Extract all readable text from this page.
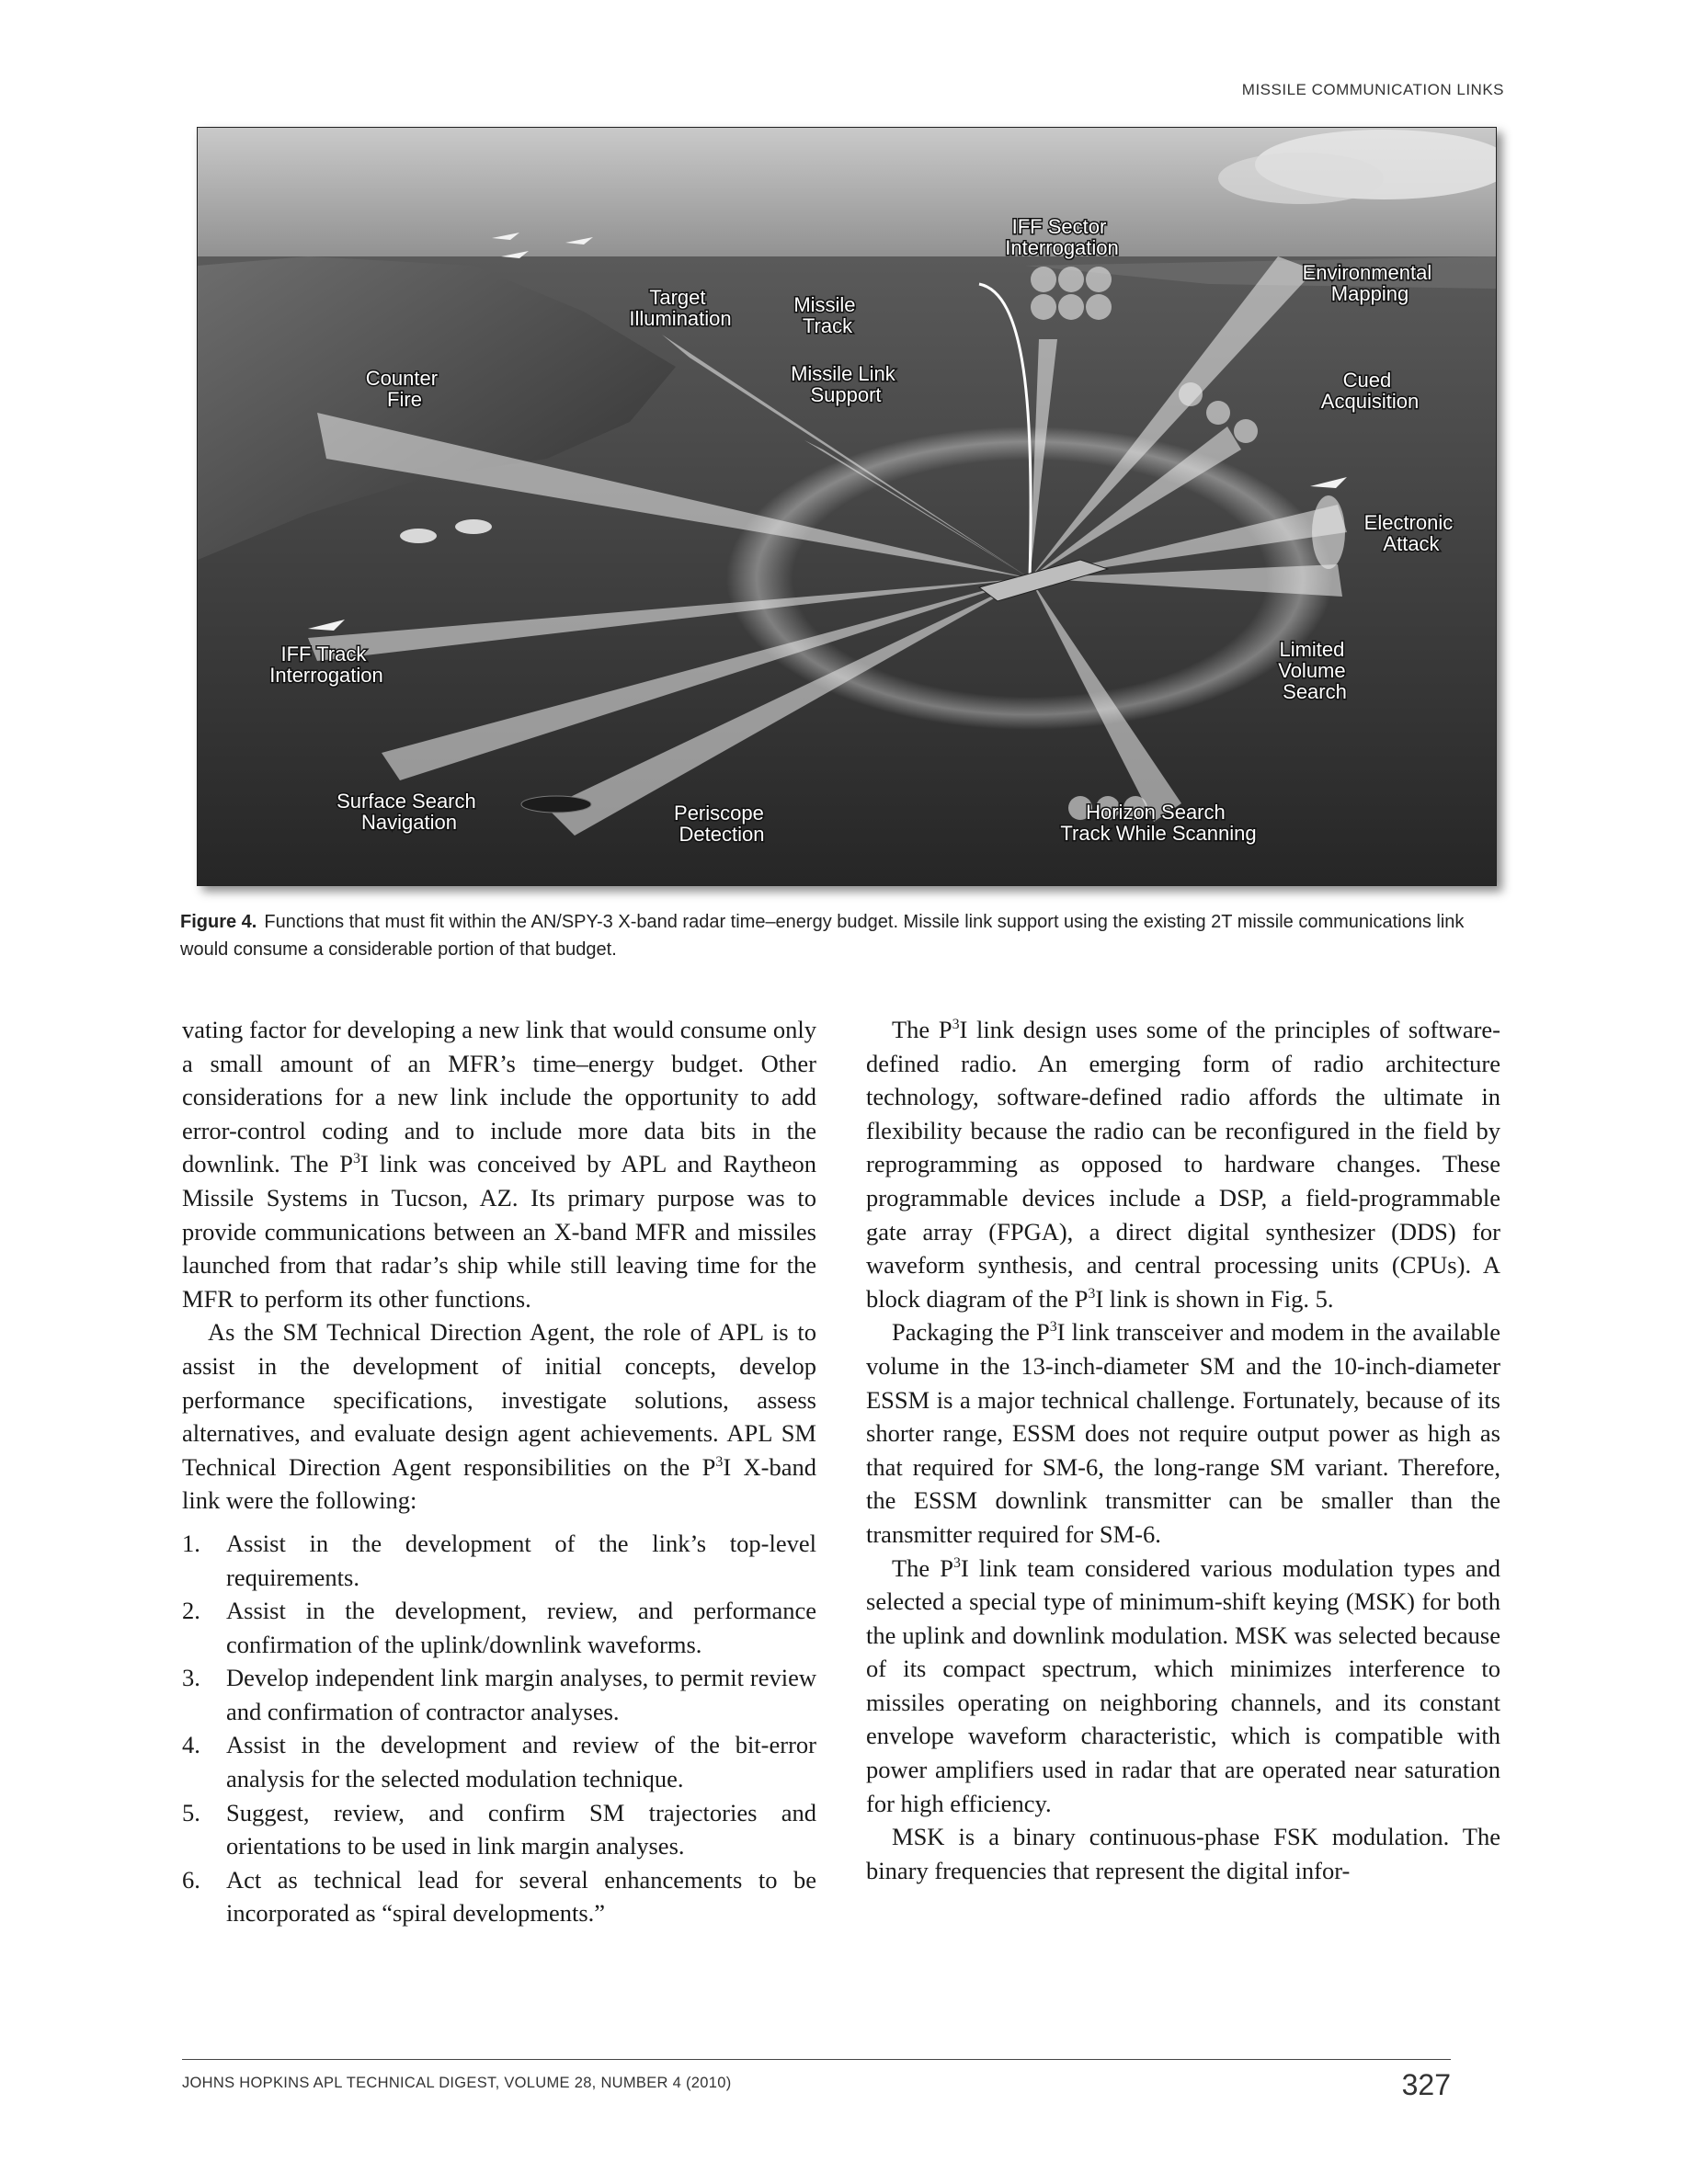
MISSILE COMMUNICATION LINKS
IFF Sector Interrogation
Environmental Mapping
Target Illumination
Missile Track
Missile Link Support
Counter Fire
Cued Acquisition
Electronic Attack
IFF Track Interrogation
Limited Volume Search
Surface Search Navigation	Periscope Detection
Horizon Search Track While Scanning
Figure 4. Functions that must fit within the AN/SPY-3 X-band radar time–energy budget. Missile link support using the existing 2T missile communications link would consume a considerable portion of that budget.

vating factor for developing a new link that would consume only a small amount of an MFR’s time–energy budget. Other considerations for a new link include the opportunity to add error-control coding and to include more data bits in the downlink. The $P^3I$ link was conceived by APL and Raytheon Missile Systems in Tucson, AZ. Its primary purpose was to provide communications between an X-band MFR and missiles launched from that radar’s ship while still leaving time for the MFR to perform its other functions.

As the SM Technical Direction Agent, the role of APL is to assist in the development of initial concepts, develop performance specifications, investigate solutions, assess alternatives, and evaluate design agent achievements. APL SM Technical Direction Agent responsibilities on the $P^3I$ X-band link were the following:

1. Assist in the development of the link’s top-level requirements.
2. Assist in the development, review, and performance confirmation of the uplink/downlink waveforms.
3. Develop independent link margin analyses, to permit review and confirmation of contractor analyses.
4. Assist in the development and review of the bit-error analysis for the selected modulation technique.
5. Suggest, review, and confirm SM trajectories and orientations to be used in link margin analyses.
6. Act as technical lead for several enhancements to be incorporated as “spiral developments.”

The $P^3I$ link design uses some of the principles of software-defined radio. An emerging form of radio architecture technology, software-defined radio affords the ultimate in flexibility because the radio can be reconfigured in the field by reprogramming as opposed to hardware changes. These programmable devices include a DSP, a field-programmable gate array (FPGA), a direct digital synthesizer (DDS) for waveform synthesis, and central processing units (CPUs). A block diagram of the $P^3I$ link is shown in Fig. 5.

Packaging the $P^3I$ link transceiver and modem in the available volume in the 13-inch-diameter SM and the 10-inch-diameter ESSM is a major technical challenge. Fortunately, because of its shorter range, ESSM does not require output power as high as that required for SM-6, the long-range SM variant. Therefore, the ESSM downlink transmitter can be smaller than the transmitter required for SM-6.

The $P^3I$ link team considered various modulation types and selected a special type of minimum-shift keying (MSK) for both the uplink and downlink modulation. MSK was selected because of its compact spectrum, which minimizes interference to missiles operating on neighboring channels, and its constant envelope waveform characteristic, which is compatible with power amplifiers used in radar that are operated near saturation for high efficiency.

MSK is a binary continuous-phase FSK modulation. The binary frequencies that represent the digital infor-

JOHNS HOPKINS APL TECHNICAL DIGEST, VOLUME 28, NUMBER 4 (2010)	327
